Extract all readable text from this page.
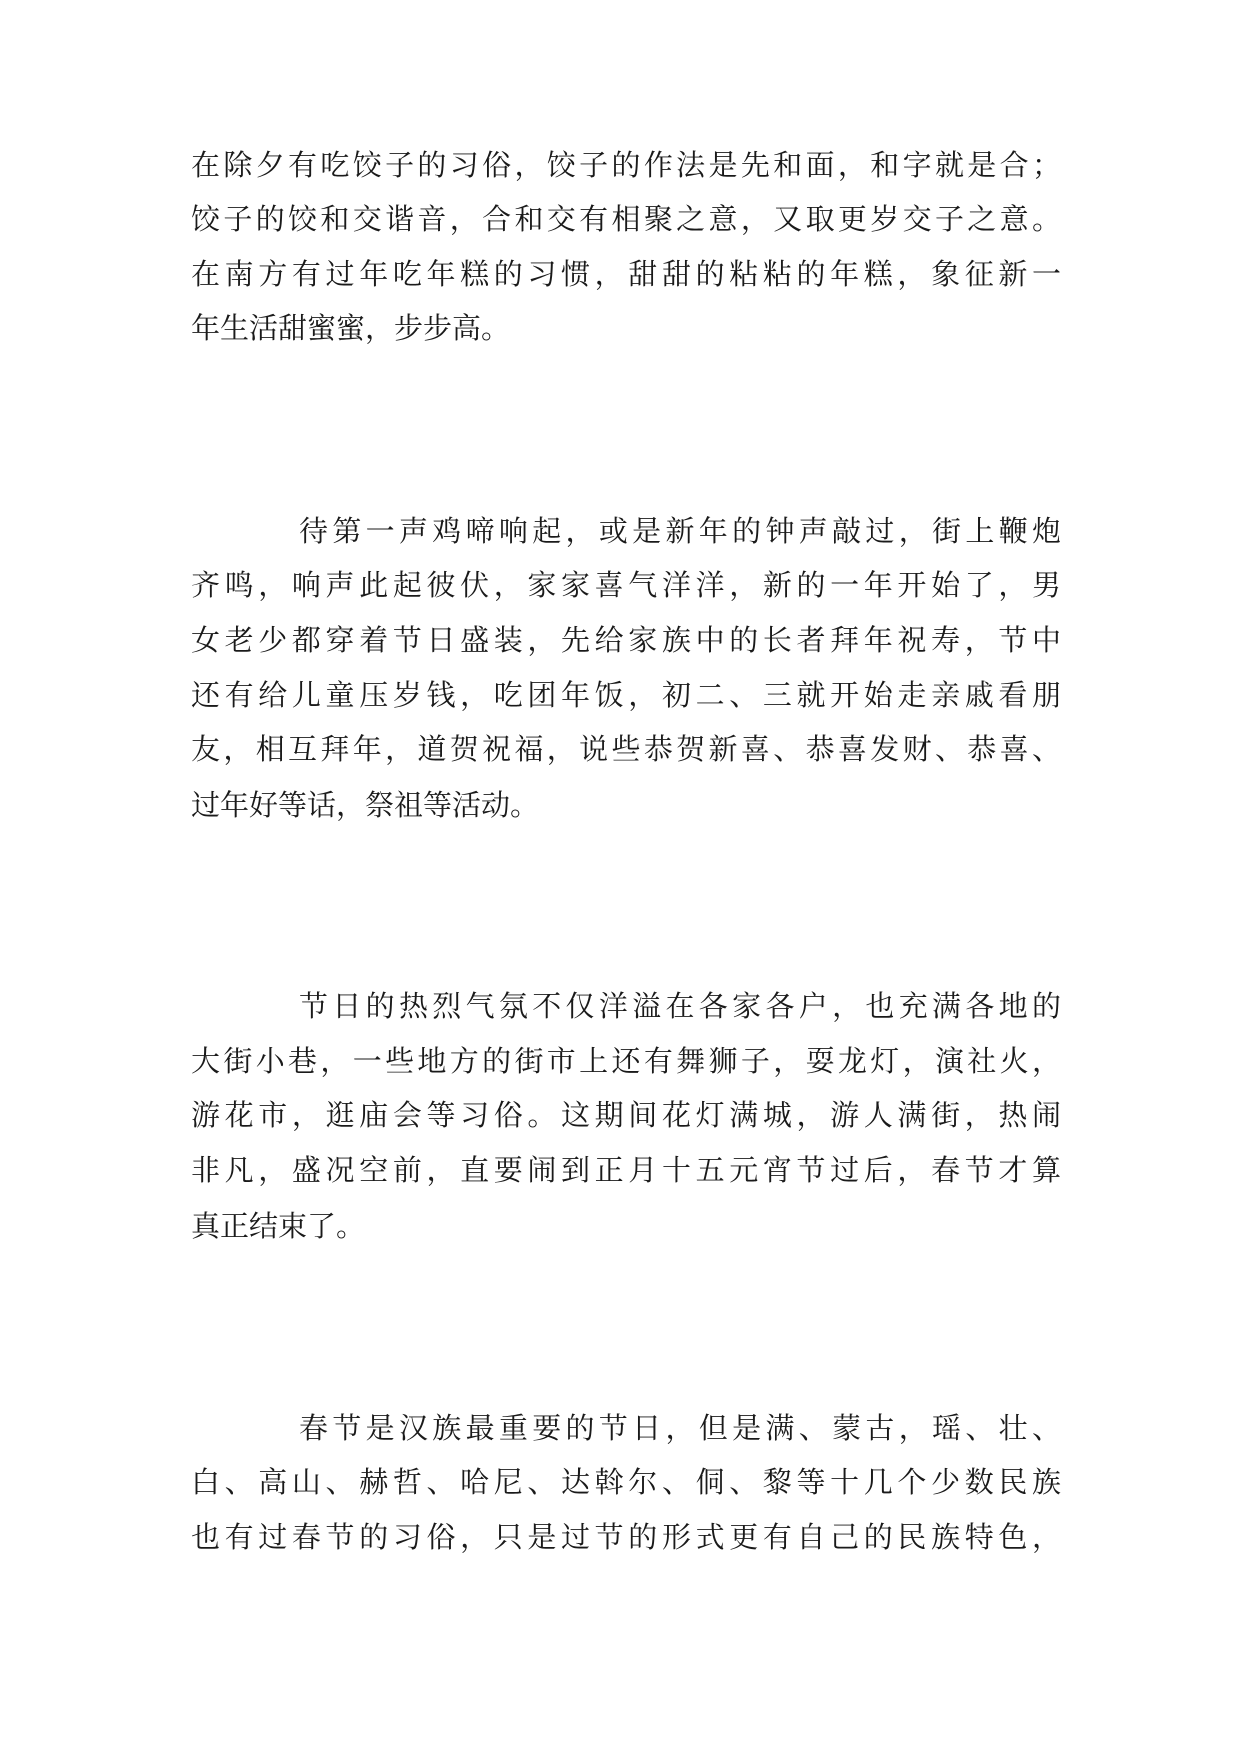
在除夕有吃饺子的习俗，饺子的作法是先和面，和字就是合；
饺子的饺和交谐音，合和交有相聚之意，又取更岁交子之意。
在南方有过年吃年糕的习惯，甜甜的粘粘的年糕，象征新一
年生活甜蜜蜜，步步高。
待第一声鸡啼响起，或是新年的钟声敲过，街上鞭炮
齐鸣，响声此起彼伏，家家喜气洋洋，新的一年开始了，男
女老少都穿着节日盛装，先给家族中的长者拜年祝寿，节中
还有给儿童压岁钱，吃团年饭，初二、三就开始走亲戚看朋
友，相互拜年，道贺祝福，说些恭贺新喜、恭喜发财、恭喜、
过年好等话，祭祖等活动。
节日的热烈气氛不仅洋溢在各家各户，也充满各地的
大街小巷，一些地方的街市上还有舞狮子，耍龙灯，演社火，
游花市，逛庙会等习俗。这期间花灯满城，游人满街，热闹
非凡，盛况空前，直要闹到正月十五元宵节过后，春节才算
真正结束了。
春节是汉族最重要的节日，但是满、蒙古，瑶、壮、
白、高山、赫哲、哈尼、达斡尔、侗、黎等十几个少数民族
也有过春节的习俗，只是过节的形式更有自己的民族特色，
